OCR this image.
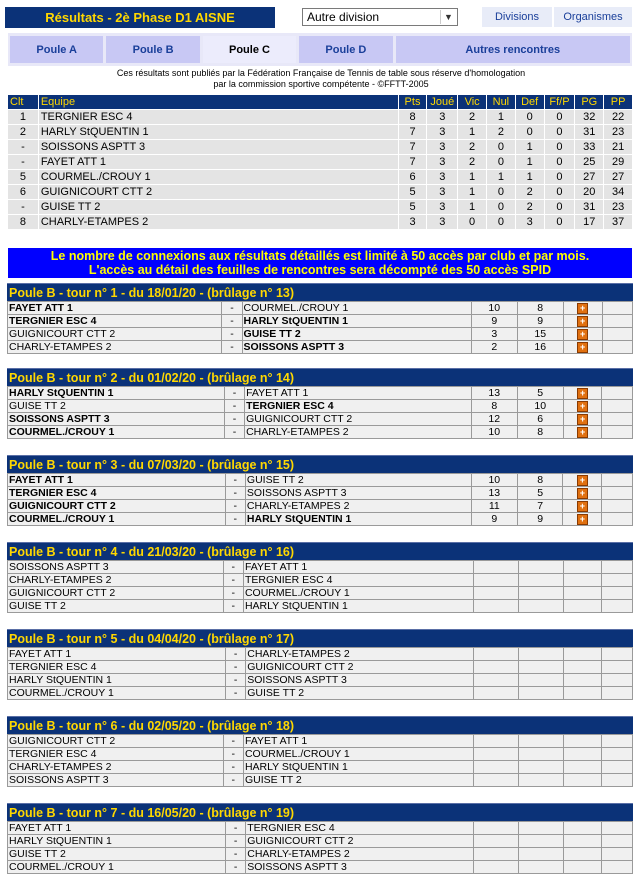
Résultats - 2è Phase D1 AISNE	Autre division	▼	Divisions	Organismes
Poule A	Poule B	Poule C	Poule D	Autres rencontres
Ces résultats sont publiés par la Fédération Française de Tennis de table sous réserve d'homologation
par la commission sportive compétente - ©FFTT-2005
Clt	Equipe	Pts	Joué	Vic	Nul	Def	Ff/P	PG	PP
1	TERGNIER ESC 4	8	3	2	1	0	0	32	22
2	HARLY StQUENTIN 1	7	3	1	2	0	0	31	23
-	SOISSONS ASPTT 3	7	3	2	0	1	0	33	21
-	FAYET ATT 1	7	3	2	0	1	0	25	29
5	COURMEL./CROUY 1	6	3	1	1	1	0	27	27
6	GUIGNICOURT CTT 2	5	3	1	0	2	0	20	34
-	GUISE TT 2	5	3	1	0	2	0	31	23
8	CHARLY-ETAMPES 2	3	3	0	0	3	0	17	37
Le nombre de connexions aux résultats détaillés est limité à 50 accès par club et par mois.
L'accès au détail des feuilles de rencontres sera décompté des 50 accès SPID
Poule B - tour n° 1 - du 18/01/20 - (brûlage n° 13)
FAYET ATT 1	-	COURMEL./CROUY 1	10	8	+	
TERGNIER ESC 4	-	HARLY StQUENTIN 1	9	9	+	
GUIGNICOURT CTT 2	-	GUISE TT 2	3	15	+	
CHARLY-ETAMPES 2	-	SOISSONS ASPTT 3	2	16	+	
Poule B - tour n° 2 - du 01/02/20 - (brûlage n° 14)
HARLY StQUENTIN 1	-	FAYET ATT 1	13	5	+	
GUISE TT 2	-	TERGNIER ESC 4	8	10	+	
SOISSONS ASPTT 3	-	GUIGNICOURT CTT 2	12	6	+	
COURMEL./CROUY 1	-	CHARLY-ETAMPES 2	10	8	+	
Poule B - tour n° 3 - du 07/03/20 - (brûlage n° 15)
FAYET ATT 1	-	GUISE TT 2	10	8	+	
TERGNIER ESC 4	-	SOISSONS ASPTT 3	13	5	+	
GUIGNICOURT CTT 2	-	CHARLY-ETAMPES 2	11	7	+	
COURMEL./CROUY 1	-	HARLY StQUENTIN 1	9	9	+	
Poule B - tour n° 4 - du 21/03/20 - (brûlage n° 16)
SOISSONS ASPTT 3	-	FAYET ATT 1				
CHARLY-ETAMPES 2	-	TERGNIER ESC 4				
GUIGNICOURT CTT 2	-	COURMEL./CROUY 1				
GUISE TT 2	-	HARLY StQUENTIN 1				
Poule B - tour n° 5 - du 04/04/20 - (brûlage n° 17)
FAYET ATT 1	-	CHARLY-ETAMPES 2				
TERGNIER ESC 4	-	GUIGNICOURT CTT 2				
HARLY StQUENTIN 1	-	SOISSONS ASPTT 3				
COURMEL./CROUY 1	-	GUISE TT 2				
Poule B - tour n° 6 - du 02/05/20 - (brûlage n° 18)
GUIGNICOURT CTT 2	-	FAYET ATT 1				
TERGNIER ESC 4	-	COURMEL./CROUY 1				
CHARLY-ETAMPES 2	-	HARLY StQUENTIN 1				
SOISSONS ASPTT 3	-	GUISE TT 2				
Poule B - tour n° 7 - du 16/05/20 - (brûlage n° 19)
FAYET ATT 1	-	TERGNIER ESC 4				
HARLY StQUENTIN 1	-	GUIGNICOURT CTT 2				
GUISE TT 2	-	CHARLY-ETAMPES 2				
COURMEL./CROUY 1	-	SOISSONS ASPTT 3				
